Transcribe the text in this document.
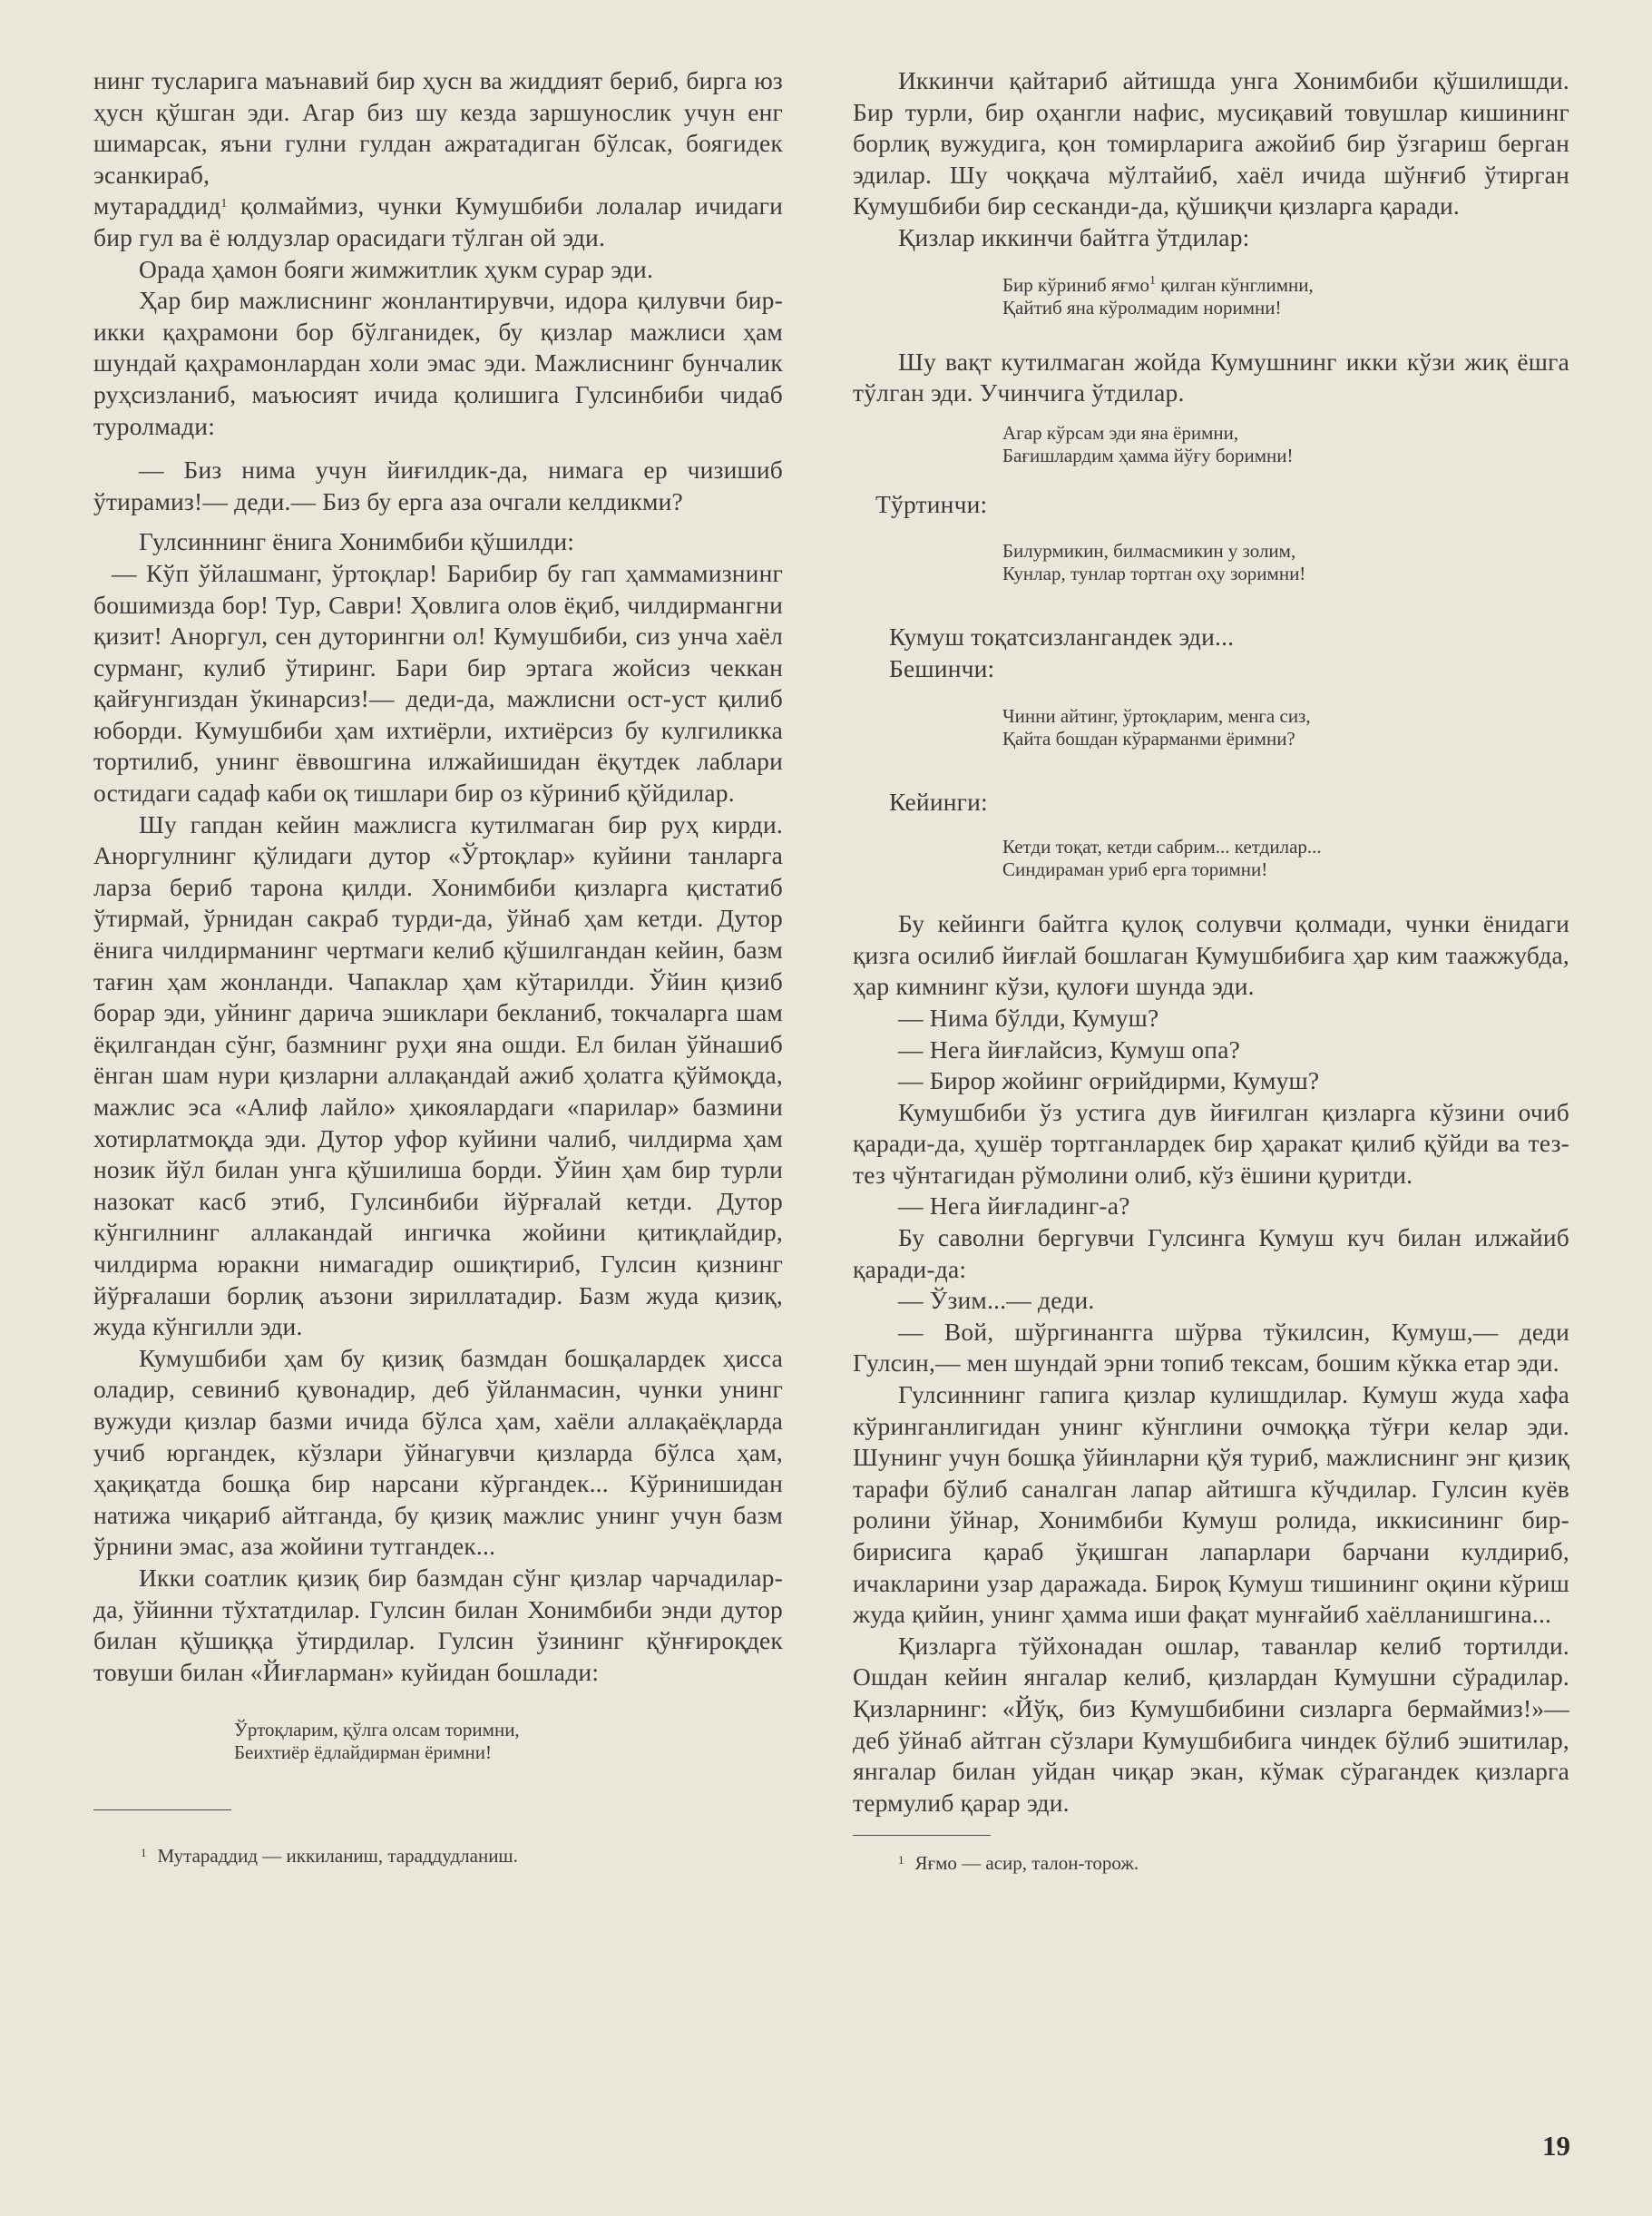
нинг тусларига маънавий бир ҳусн ва жиддият бериб, бирга юз ҳусн қўшган эди. Агар биз шу кезда заршунослик учун енг шимарсак, яъни гулни гулдан ажратадиган бўлсак, боягидек эсанкираб,
мутараддид$^1$ қолмаймиз, чунки Кумушбиби лолалар ичидаги бир гул ва ё юлдузлар орасидаги тўлган ой эди.

Орада ҳамон бояги жимжитлик ҳукм сурар эди.

Ҳар бир мажлиснинг жонлантирувчи, идора қилувчи бир-икки қаҳрамони бор бўлганидек, бу қизлар мажлиси ҳам шундай қаҳрамонлардан холи эмас эди. Мажлиснинг бунчалик руҳсизланиб, маъюсият ичида қолишига Гулсинбиби чидаб туролмади:

— Биз нима учун йиғилдик-да, нимага ер чизишиб ўтирамиз!— деди.— Биз бу ерга аза очгали келдикми?

Гулсиннинг ёнига Хонимбиби қўшилди:

— Кўп ўйлашманг, ўртоқлар! Барибир бу гап ҳаммамизнинг бошимизда бор! Тур, Саври! Ҳовлига олов ёқиб, чилдирмангни қизит! Аноргул, сен дуторингни ол! Кумушбиби, сиз унча хаёл сурманг, кулиб ўтиринг. Бари бир эртага жойсиз чеккан қайғунгиздан ўкинарсиз!— деди-да, мажлисни ост-уст қилиб юборди. Кумушбиби ҳам ихтиёрли, ихтиёрсиз бу кулгиликка тортилиб, унинг ёввошгина илжайишидан ёқутдек лаблари остидаги садаф каби оқ тишлари бир оз кўриниб қўйдилар.

Шу гапдан кейин мажлисга кутилмаган бир руҳ кирди. Аноргулнинг қўлидаги дутор «Ўртоқлар» куйини танларга ларза бериб тарона қилди. Хонимбиби қизларга қистатиб ўтирмай, ўрнидан сакраб турди-да, ўйнаб ҳам кетди. Дутор ёнига чилдирманинг чертмаги келиб қўшилгандан кейин, базм тағин ҳам жонланди. Чапаклар ҳам кўтарилди. Ўйин қизиб борар эди, уйнинг дарича эшиклари бекланиб, токчаларга шам ёқилгандан сўнг, базмнинг руҳи яна ошди. Ел билан ўйнашиб ёнган шам нури қизларни аллақандай ажиб ҳолатга қўймоқда, мажлис эса «Алиф лайло» ҳикоялардаги «парилар» базмини хотирлатмоқда эди. Дутор уфор куйини чалиб, чилдирма ҳам нозик йўл билан унга қўшилиша борди. Ўйин ҳам бир турли назокат касб этиб, Гулсинбиби йўрғалай кетди. Дутор кўнгилнинг аллакандай ингичка жойини қитиқлайдир, чилдирма юракни нимагадир ошиқтириб, Гулсин қизнинг йўрғалаши борлиқ аъзони зириллатадир. Базм жуда қизиқ, жуда кўнгилли эди.

Кумушбиби ҳам бу қизиқ базмдан бошқалардек ҳисса оладир, севиниб қувонадир, деб ўйланмасин, чунки унинг вужуди қизлар базми ичида бўлса ҳам, хаёли аллақаёқларда учиб юргандек, кўзлари ўйнагувчи қизларда бўлса ҳам, ҳақиқатда бошқа бир нарсани кўргандек... Кўринишидан натижа чиқариб айтганда, бу қизиқ мажлис унинг учун базм ўрнини эмас, аза жойини тутгандек...

Икки соатлик қизиқ бир базмдан сўнг қизлар чарчадилар-да, ўйинни тўхтатдилар. Гулсин билан Хонимбиби энди дутор билан қўшиққа ўтирдилар. Гулсин ўзининг қўнғироқдек товуши билан «Йиғларман» куйидан бошлади:

Ўртоқларим, қўлга олсам торимни,
Беихтиёр ёдлайдирман ёримни!
$^1$ Мутараддид — иккиланиш, тараддудланиш.

Иккинчи қайтариб айтишда унга Хонимбиби қўшилишди. Бир турли, бир оҳангли нафис, мусиқавий товушлар кишининг борлиқ вужудига, қон томирларига ажойиб бир ўзгариш берган эдилар. Шу чоққача мўлтайиб, хаёл ичида шўнғиб ўтирган Кумушбиби бир сесканди-да, қўшиқчи қизларга қаради.

Қизлар иккинчи байтга ўтдилар:

Бир кўриниб яғмо$^1$ қилган кўнглимни,
Қайтиб яна кўролмадим норимни!

Шу вақт кутилмаган жойда Кумушнинг икки кўзи жиқ ёшга тўлган эди. Учинчига ўтдилар.

Агар кўрсам эди яна ёримни,
Бағишлардим ҳамма йўғу боримни!

Тўртинчи:

Билурмикин, билмасмикин у золим,
Кунлар, тунлар тортган оҳу зоримни!

Кумуш тоқатсизлангандек эди...

Бешинчи:

Чинни айтинг, ўртоқларим, менга сиз,
Қайта бошдан кўрарманми ёримни?

Кейинги:

Кетди тоқат, кетди сабрим... кетдилар...
Синдираман уриб ерга торимни!

Бу кейинги байтга қулоқ солувчи қолмади, чунки ёнидаги қизга осилиб йиғлай бошлаган Кумушбибига ҳар ким таажжубда, ҳар кимнинг кўзи, қулоғи шунда эди.

— Нима бўлди, Кумуш?

— Нега йиғлайсиз, Кумуш опа?

— Бирор жойинг оғрийдирми, Кумуш?

Кумушбиби ўз устига дув йиғилган қизларга кўзини очиб қаради-да, ҳушёр тортганлардек бир ҳаракат қилиб қўйди ва тез-тез чўнтагидан рўмолини олиб, кўз ёшини қуритди.

— Нега йиғладинг-а?

Бу саволни бергувчи Гулсинга Кумуш куч билан илжайиб қаради-да:

— Ўзим...— деди.

— Вой, шўргинангга шўрва тўкилсин, Кумуш,— деди Гулсин,— мен шундай эрни топиб тексам, бошим кўкка етар эди.

Гулсиннинг гапига қизлар кулишдилар. Кумуш жуда хафа кўринганлигидан унинг кўнглини очмоққа тўғри келар эди. Шунинг учун бошқа ўйинларни қўя туриб, мажлиснинг энг қизиқ тарафи бўлиб саналган лапар айтишга кўчдилар. Гулсин куёв ролини ўйнар, Хонимбиби Кумуш ролида, иккисининг бир-бирисига қараб ўқишган лапарлари барчани кулдириб, ичакларини узар даражада. Бироқ Кумуш тишининг оқини кўриш жуда қийин, унинг ҳамма иши фақат мунғайиб хаёлланишгина...

Қизларга тўйхонадан ошлар, таванлар келиб тортилди. Ошдан кейин янгалар келиб, қизлардан Кумушни сўрадилар. Қизларнинг: «Йўқ, биз Кумушбибини сизларга бермаймиз!»— деб ўйнаб айтган сўзлари Кумушбибига чиндек бўлиб эшитилар, янгалар билан уйдан чиқар экан, кўмак сўрагандек қизларга термулиб қарар эди.

$^1$ Яғмо — асир, талон-торож.
19
